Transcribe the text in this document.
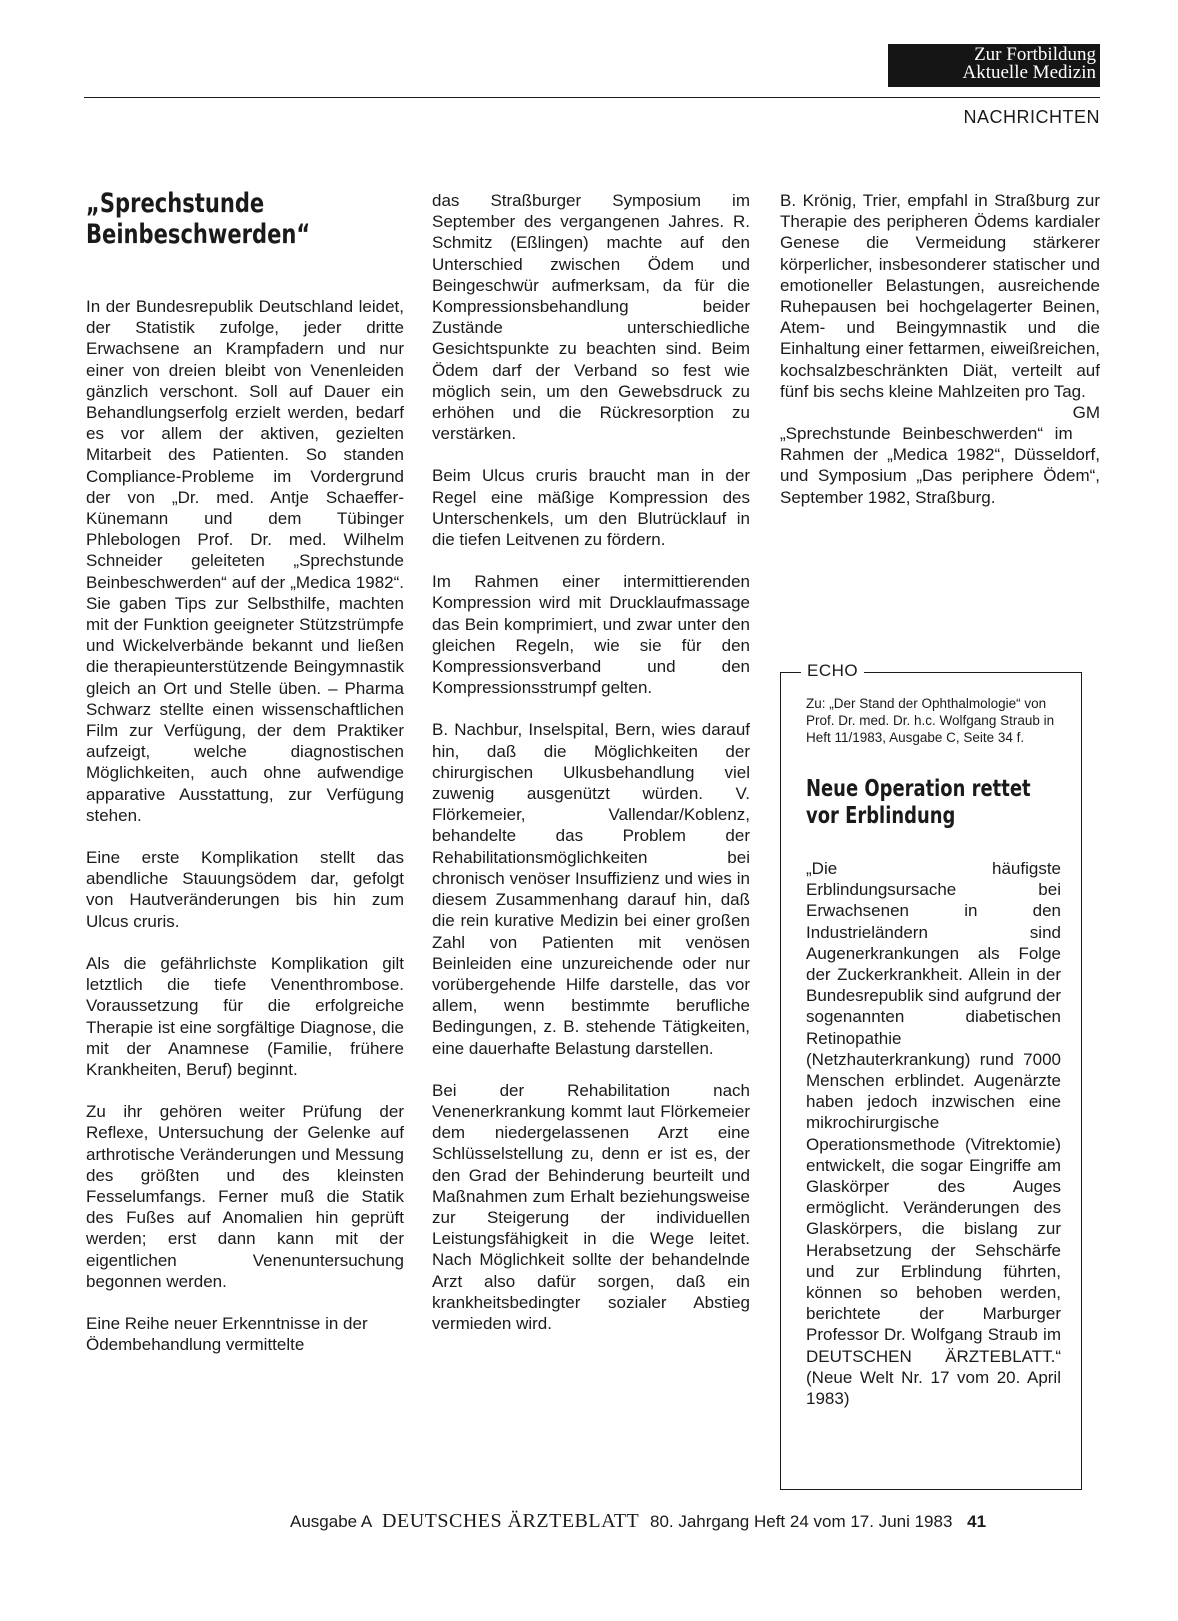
Zur Fortbildung
Aktuelle Medizin
NACHRICHTEN
„Sprechstunde Beinbeschwerden“

In der Bundesrepublik Deutschland leidet, der Statistik zufolge, jeder dritte Erwachsene an Krampfadern und nur einer von dreien bleibt von Venenleiden gänzlich verschont. Soll auf Dauer ein Behandlungserfolg erzielt werden, bedarf es vor allem der aktiven, gezielten Mitarbeit des Patienten. So standen Compliance-Probleme im Vordergrund der von „Dr. med. Antje Schaeffer-Künemann und dem Tübinger Phlebologen Prof. Dr. med. Wilhelm Schneider geleiteten „Sprechstunde Beinbeschwerden“ auf der „Medica 1982“. Sie gaben Tips zur Selbsthilfe, machten mit der Funktion geeigneter Stützstrümpfe und Wickelverbände bekannt und ließen die therapieunterstützende Beingymnastik gleich an Ort und Stelle üben. – Pharma Schwarz stellte einen wissenschaftlichen Film zur Verfügung, der dem Praktiker aufzeigt, welche diagnostischen Möglichkeiten, auch ohne aufwendige apparative Ausstattung, zur Verfügung stehen.

Eine erste Komplikation stellt das abendliche Stauungsödem dar, gefolgt von Hautveränderungen bis hin zum Ulcus cruris.

Als die gefährlichste Komplikation gilt letztlich die tiefe Venenthrombose. Voraussetzung für die erfolgreiche Therapie ist eine sorgfältige Diagnose, die mit der Anamnese (Familie, frühere Krankheiten, Beruf) beginnt.

Zu ihr gehören weiter Prüfung der Reflexe, Untersuchung der Gelenke auf arthrotische Veränderungen und Messung des größten und des kleinsten Fesselumfangs. Ferner muß die Statik des Fußes auf Anomalien hin geprüft werden; erst dann kann mit der eigentlichen Venenuntersuchung begonnen werden.

Eine Reihe neuer Erkenntnisse in der Ödembehandlung vermittelte

das Straßburger Symposium im September des vergangenen Jahres. R. Schmitz (Eßlingen) machte auf den Unterschied zwischen Ödem und Beingeschwür aufmerksam, da für die Kompressionsbehandlung beider Zustände unterschiedliche Gesichtspunkte zu beachten sind. Beim Ödem darf der Verband so fest wie möglich sein, um den Gewebsdruck zu erhöhen und die Rückresorption zu verstärken.

Beim Ulcus cruris braucht man in der Regel eine mäßige Kompression des Unterschenkels, um den Blutrücklauf in die tiefen Leitvenen zu fördern.

Im Rahmen einer intermittierenden Kompression wird mit Drucklaufmassage das Bein komprimiert, und zwar unter den gleichen Regeln, wie sie für den Kompressionsverband und den Kompressionsstrumpf gelten.

B. Nachbur, Inselspital, Bern, wies darauf hin, daß die Möglichkeiten der chirurgischen Ulkusbehandlung viel zuwenig ausgenützt würden. V. Flörkemeier, Vallendar/Koblenz, behandelte das Problem der Rehabilitationsmöglichkeiten bei chronisch venöser Insuffizienz und wies in diesem Zusammenhang darauf hin, daß die rein kurative Medizin bei einer großen Zahl von Patienten mit venösen Beinleiden eine unzureichende oder nur vorübergehende Hilfe darstelle, das vor allem, wenn bestimmte berufliche Bedingungen, z. B. stehende Tätigkeiten, eine dauerhafte Belastung darstellen.

Bei der Rehabilitation nach Venenerkrankung kommt laut Flörkemeier dem niedergelassenen Arzt eine Schlüsselstellung zu, denn er ist es, der den Grad der Behinderung beurteilt und Maßnahmen zum Erhalt beziehungsweise zur Steigerung der individuellen Leistungsfähigkeit in die Wege leitet. Nach Möglichkeit sollte der behandelnde Arzt also dafür sorgen, daß ein krankheitsbedingter sozialer Abstieg vermieden wird.

B. Krönig, Trier, empfahl in Straßburg zur Therapie des peripheren Ödems kardialer Genese die Vermeidung stärkerer körperlicher, insbesonderer statischer und emotioneller Belastungen, ausreichende Ruhepausen bei hochgelagerter Beinen, Atem- und Beingymnastik und die Einhaltung einer fettarmen, eiweißreichen, kochsalzbeschränkten Diät, verteilt auf fünf bis sechs kleine Mahlzeiten pro Tag.
GM

„Sprechstunde Beinbeschwerden“ im Rahmen der „Medica 1982“, Düsseldorf, und Symposium „Das periphere Ödem“, September 1982, Straßburg.

ECHO

Zu: „Der Stand der Ophthalmologie“ von Prof. Dr. med. Dr. h.c. Wolfgang Straub in Heft 11/1983, Ausgabe C, Seite 34 f.

Neue Operation rettet vor Erblindung

„Die häufigste Erblindungsursache bei Erwachsenen in den Industrieländern sind Augenerkrankungen als Folge der Zuckerkrankheit. Allein in der Bundesrepublik sind aufgrund der sogenannten diabetischen Retinopathie (Netzhauterkrankung) rund 7000 Menschen erblindet. Augenärzte haben jedoch inzwischen eine mikrochirurgische Operationsmethode (Vitrektomie) entwickelt, die sogar Eingriffe am Glaskörper des Auges ermöglicht. Veränderungen des Glaskörpers, die bislang zur Herabsetzung der Sehschärfe und zur Erblindung führten, können so behoben werden, berichtete der Marburger Professor Dr. Wolfgang Straub im DEUTSCHEN ÄRZTEBLATT.“ (Neue Welt Nr. 17 vom 20. April 1983)

Ausgabe A DEUTSCHES ÄRZTEBLATT 80. Jahrgang Heft 24 vom 17. Juni 1983 41
